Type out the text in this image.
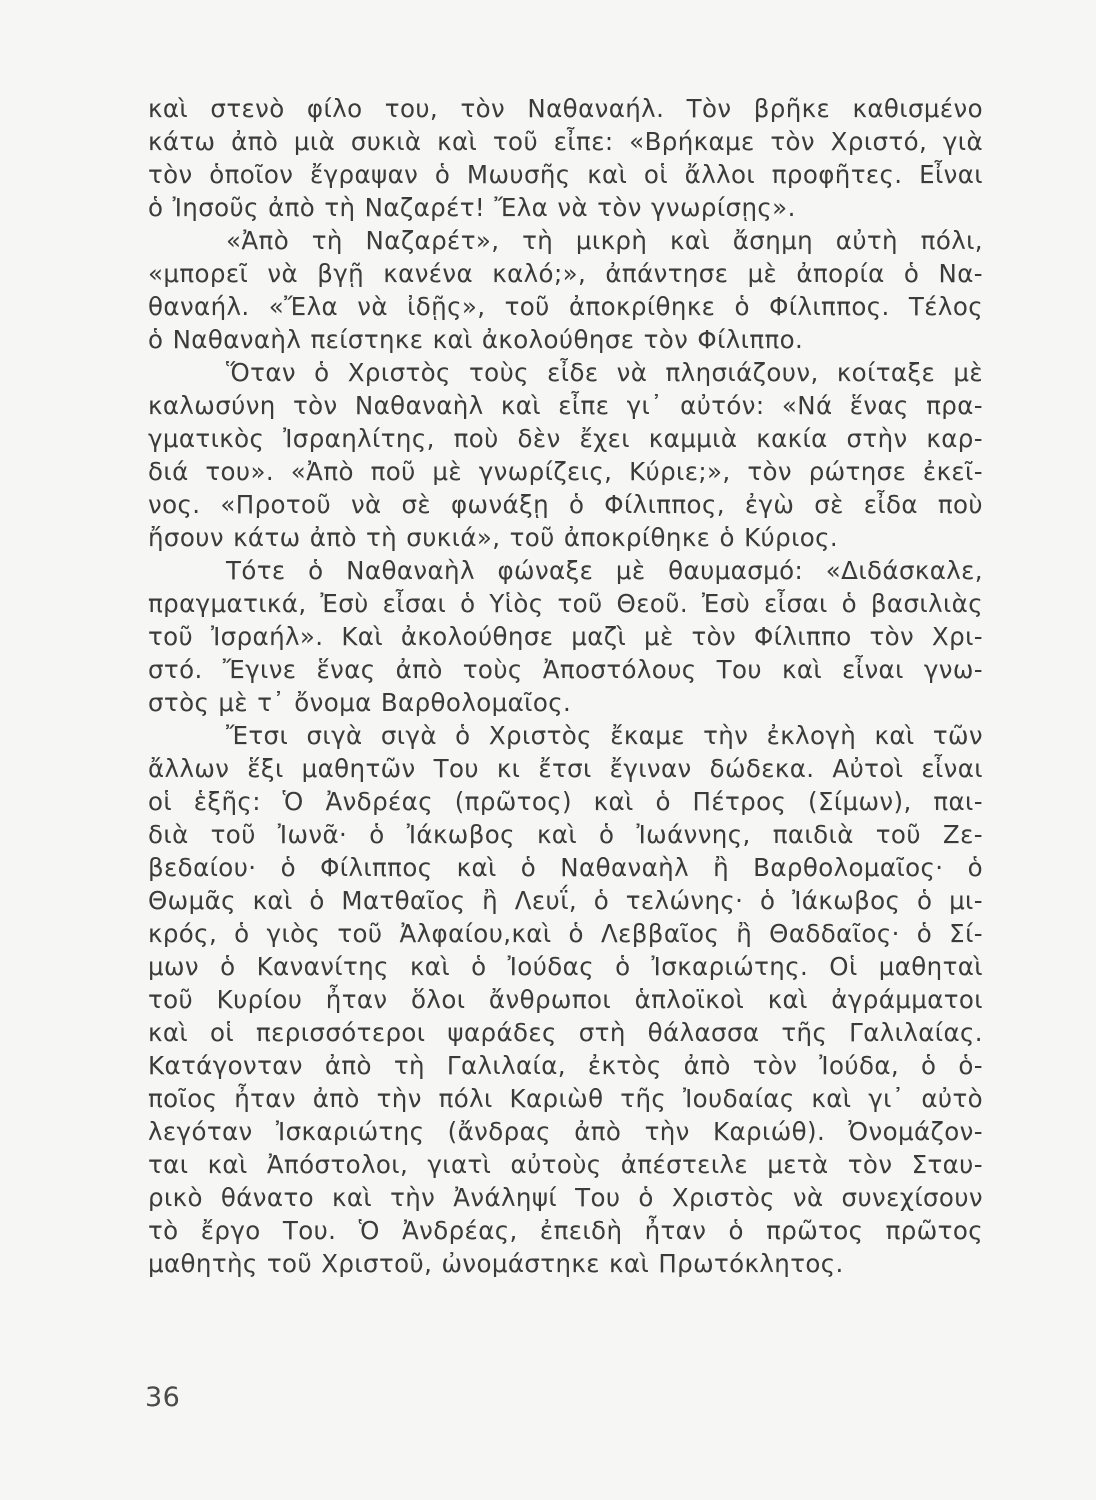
καὶ στενὸ φίλο του, τὸν Ναθαναήλ. Τὸν βρῆκε καθισμένο
κάτω ἀπὸ μιὰ συκιὰ καὶ τοῦ εἶπε: «Βρήκαμε τὸν Χριστό, γιὰ
τὸν ὁποῖον ἔγραψαν ὁ Μωυσῆς καὶ οἱ ἄλλοι προφῆτες. Εἶναι
ὁ Ἰησοῦς ἀπὸ τὴ Ναζαρέτ! Ἔλα νὰ τὸν γνωρίσῃς».
«Ἀπὸ τὴ Ναζαρέτ», τὴ μικρὴ καὶ ἄσημη αὐτὴ πόλι,
«μπορεῖ νὰ βγῇ κανένα καλό;», ἀπάντησε μὲ ἀπορία ὁ Να-
θαναήλ. «Ἔλα νὰ ἰδῇς», τοῦ ἀποκρίθηκε ὁ Φίλιππος. Τέλος
ὁ Ναθαναὴλ πείστηκε καὶ ἀκολούθησε τὸν Φίλιππο.
Ὅταν ὁ Χριστὸς τοὺς εἶδε νὰ πλησιάζουν, κοίταξε μὲ
καλωσύνη τὸν Ναθαναὴλ καὶ εἶπε γι᾽ αὐτόν: «Νά ἕνας πρα-
γματικὸς Ἰσραηλίτης, ποὺ δὲν ἔχει καμμιὰ κακία στὴν καρ-
διά του». «Ἀπὸ ποῦ μὲ γνωρίζεις, Κύριε;», τὸν ρώτησε ἐκεῖ-
νος. «Προτοῦ νὰ σὲ φωνάξῃ ὁ Φίλιππος, ἐγὼ σὲ εἶδα ποὺ
ἤσουν κάτω ἀπὸ τὴ συκιά», τοῦ ἀποκρίθηκε ὁ Κύριος.
Τότε ὁ Ναθαναὴλ φώναξε μὲ θαυμασμό: «Διδάσκαλε,
πραγματικά, Ἐσὺ εἶσαι ὁ Υἱὸς τοῦ Θεοῦ. Ἐσὺ εἶσαι ὁ βασιλιὰς
τοῦ Ἰσραήλ». Καὶ ἀκολούθησε μαζὶ μὲ τὸν Φίλιππο τὸν Χρι-
στό. Ἔγινε ἕνας ἀπὸ τοὺς Ἀποστόλους Του καὶ εἶναι γνω-
στὸς μὲ τ᾽ ὄνομα Βαρθολομαῖος.
Ἔτσι σιγὰ σιγὰ ὁ Χριστὸς ἔκαμε τὴν ἐκλογὴ καὶ τῶν
ἄλλων ἕξι μαθητῶν Του κι ἔτσι ἔγιναν δώδεκα. Αὐτοὶ εἶναι
οἱ ἑξῆς: Ὁ Ἀνδρέας (πρῶτος) καὶ ὁ Πέτρος (Σίμων), παι-
διὰ τοῦ Ἰωνᾶ· ὁ Ἰάκωβος καὶ ὁ Ἰωάννης, παιδιὰ τοῦ Ζε-
βεδαίου· ὁ Φίλιππος καὶ ὁ Ναθαναὴλ ἢ Βαρθολομαῖος· ὁ
Θωμᾶς καὶ ὁ Ματθαῖος ἢ Λευΐ, ὁ τελώνης· ὁ Ἰάκωβος ὁ μι-
κρός, ὁ γιὸς τοῦ Ἀλφαίου,καὶ ὁ Λεββαῖος ἢ Θαδδαῖος· ὁ Σί-
μων ὁ Κανανίτης καὶ ὁ Ἰούδας ὁ Ἰσκαριώτης. Οἱ μαθηταὶ
τοῦ Κυρίου ἦταν ὅλοι ἄνθρωποι ἁπλοϊκοὶ καὶ ἀγράμματοι
καὶ οἱ περισσότεροι ψαράδες στὴ θάλασσα τῆς Γαλιλαίας.
Κατάγονταν ἀπὸ τὴ Γαλιλαία, ἐκτὸς ἀπὸ τὸν Ἰούδα, ὁ ὁ-
ποῖος ἦταν ἀπὸ τὴν πόλι Καριὼθ τῆς Ἰουδαίας καὶ γι᾽ αὐτὸ
λεγόταν Ἰσκαριώτης (ἄνδρας ἀπὸ τὴν Καριώθ). Ὀνομάζον-
ται καὶ Ἀπόστολοι, γιατὶ αὐτοὺς ἀπέστειλε μετὰ τὸν Σταυ-
ρικὸ θάνατο καὶ τὴν Ἀνάληψί Του ὁ Χριστὸς νὰ συνεχίσουν
τὸ ἔργο Του. Ὁ Ἀνδρέας, ἐπειδὴ ἦταν ὁ πρῶτος πρῶτος
μαθητὴς τοῦ Χριστοῦ, ὠνομάστηκε καὶ Πρωτόκλητος.
36
